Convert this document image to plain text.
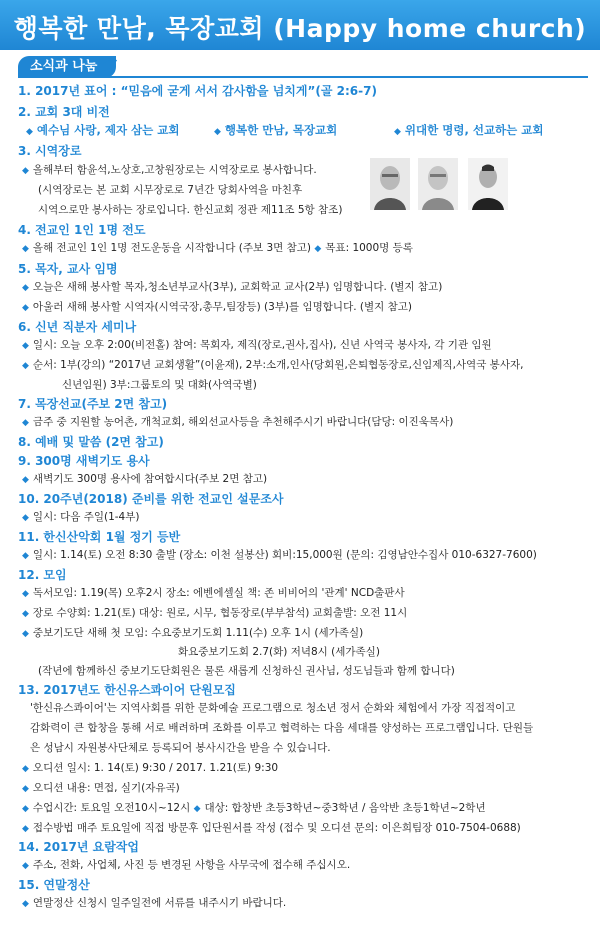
행복한 만남, 목장교회 (Happy home church)
소식과 나눔
1. 2017년 표어 : “믿음에 굳게 서서 감사함을 넘치게”(골 2:6-7)
2. 교회 3대 비전
◆ 예수님 사랑, 제자 삼는 교회	◆ 행복한 만남, 목장교회	◆ 위대한 명령, 선교하는 교회
3. 시역장로
◆ 올해부터 함윤석,노상호,고창원장로는 시역장로로 봉사합니다.
(시역장로는 본 교회 시무장로로 7년간 당회사역을 마친후
시역으로만 봉사하는 장로입니다. 한신교회 정관 제11조 5항 참조)
4. 전교인 1인 1명 전도
◆ 올해 전교인 1인 1명 전도운동을 시작합니다 (주보 3면 참고) ◆ 목표: 1000명 등록
5. 목자, 교사 임명
◆ 오늘은 새해 봉사할 목자,청소년부교사(3부), 교회학교 교사(2부) 임명합니다. (별지 참고)
◆ 아울러 새해 봉사할 시역자(시역국장,총무,팀장등) (3부)를 임명합니다. (별지 참고)
6. 신년 직분자 세미나
◆ 일시: 오늘 오후 2:00(비전홀) 참여: 목회자, 제직(장로,권사,집사), 신년 사역국 봉사자, 각 기관 임원
◆ 순서: 1부(강의) “2017년 교회생활”(이윤재), 2부:소개,인사(당회원,은퇴협동장로,신임제직,사역국 봉사자,
신년임원) 3부:그룹토의 및 대화(사역국별)
7. 목장선교(주보 2면 참고)
◆ 금주 중 지원할 농어촌, 개척교회, 해외선교사등을 추천해주시기 바랍니다(담당: 이진욱목사)
8. 예배 및 말씀 (2면 참고)
9. 300명 새벽기도 용사
◆ 새벽기도 300명 용사에 참여합시다(주보 2면 참고)
10. 20주년(2018) 준비를 위한 전교인 설문조사
◆ 일시: 다음 주일(1-4부)
11. 한신산악회 1월 정기 등반
◆ 일시: 1.14(토) 오전 8:30 출발 (장소: 이천 설봉산) 회비:15,000원 (문의: 김영남안수집사 010-6327-7600)
12. 모임
◆ 독서모임: 1.19(목) 오후2시 장소: 에벤에셀실 책: 존 비비어의 '관계' NCD출판사
◆ 장로 수양회: 1.21(토) 대상: 원로, 시무, 협동장로(부부참석) 교회출발: 오전 11시
◆ 중보기도단 새해 첫 모임: 수요중보기도회 1.11(수) 오후 1시 (세가족실)
화요중보기도회 2.7(화) 저녁8시 (세가족실)
(작년에 함께하신 중보기도단회원은 물론 새롭게 신청하신 권사님, 성도님들과 함께 합니다)
13. 2017년도 한신유스콰이어 단원모집
'한신유스콰이어'는 지역사회를 위한 문화예술 프로그램으로 청소년 정서 순화와 체험에서 가장 직접적이고
감화력이 큰 합창을 통해 서로 배려하며 조화를 이루고 협력하는 다음 세대를 양성하는 프로그램입니다. 단원들
은 성남시 자원봉사단체로 등록되어 봉사시간을 받을 수 있습니다.
◆ 오디션 일시: 1. 14(토) 9:30 / 2017. 1.21(토) 9:30
◆ 오디션 내용: 면접, 실기(자유곡)
◆ 수업시간: 토요일 오전10시~12시 ◆ 대상: 합창반 초등3학년~중3학년 / 음악반 초등1학년~2학년
◆ 접수방법 매주 토요일에 직접 방문후 입단원서를 작성 (접수 및 오디션 문의: 이은희팀장 010-7504-0688)
14. 2017년 요람작업
◆ 주소, 전화, 사업체, 사진 등 변경된 사항을 사무국에 접수해 주십시오.
15. 연말정산
◆ 연말정산 신청시 일주일전에 서류를 내주시기 바랍니다.
